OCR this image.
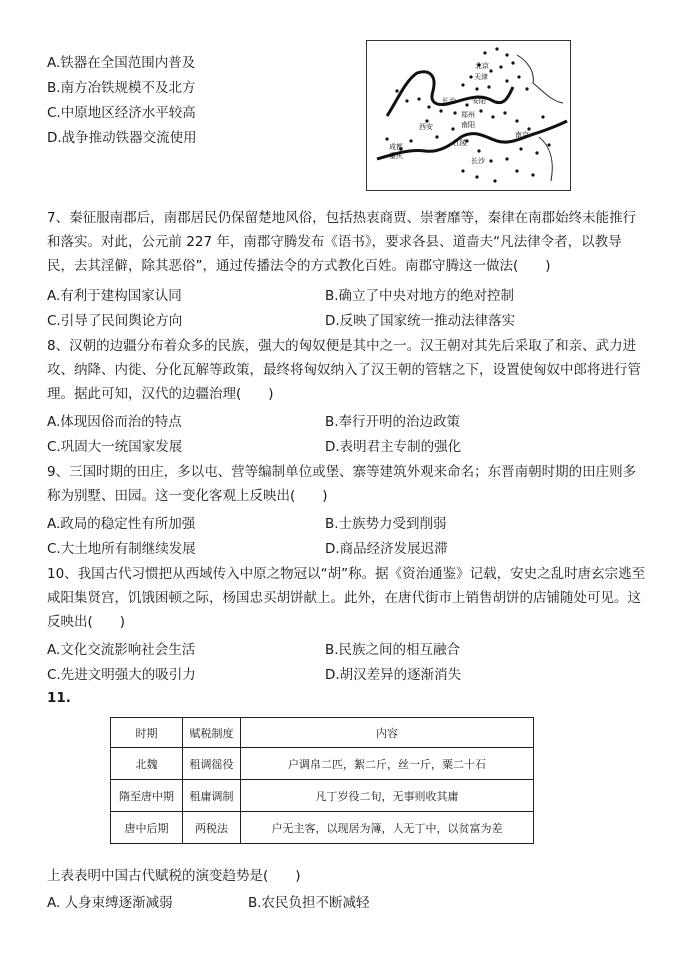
A.铁器在全国范围内普及
B.南方冶铁规模不及北方
C.中原地区经济水平较高
D.战争推动铁器交流使用
北京
天津
长治 安阳
郑州
南阳
西安
成都
重庆
江陵
长沙
南京
7、秦征服南郡后，南郡居民仍保留楚地风俗，包括热衷商贾、崇奢靡等，秦律在南郡始终未能推行和落实。对此，公元前 227 年，南郡守腾发布《语书》，要求各县、道啬夫“凡法律令者，以教导民，去其淫僻，除其恶俗”，通过传播法令的方式教化百姓。南郡守腾这一做法(　　)
A.有利于建构国家认同	B.确立了中央对地方的绝对控制
C.引导了民间舆论方向	D.反映了国家统一推动法律落实
8、汉朝的边疆分布着众多的民族，强大的匈奴便是其中之一。汉王朝对其先后采取了和亲、武力进攻、纳降、内徙、分化瓦解等政策，最终将匈奴纳入了汉王朝的管辖之下，设置使匈奴中郎将进行管理。据此可知，汉代的边疆治理(　　)
A.体现因俗而治的特点	B.奉行开明的治边政策
C.巩固大一统国家发展	D.表明君主专制的强化
9、三国时期的田庄，多以屯、营等编制单位或堡、寨等建筑外观来命名；东晋南朝时期的田庄则多称为别墅、田园。这一变化客观上反映出(　　)
A.政局的稳定性有所加强	B.士族势力受到削弱
C.大土地所有制继续发展	D.商品经济发展迟滞
10、我国古代习惯把从西域传入中原之物冠以“胡”称。据《资治通鉴》记载，安史之乱时唐玄宗逃至咸阳集贤宫，饥饿困顿之际，杨国忠买胡饼献上。此外，在唐代街市上销售胡饼的店铺随处可见。这反映出(　　)
A.文化交流影响社会生活	B.民族之间的相互融合
C.先进文明强大的吸引力	D.胡汉差异的逐渐消失
11.
时期	赋税制度	内容
北魏	租调徭役	户调帛二匹，絮二斤，丝一斤，粟二十石
隋至唐中期	租庸调制	凡丁岁役二旬，无事则收其庸
唐中后期	两税法	户无主客，以现居为簿，人无丁中，以贫富为差
上表表明中国古代赋税的演变趋势是(　　)
A. 人身束缚逐渐减弱	B.农民负担不断减轻
